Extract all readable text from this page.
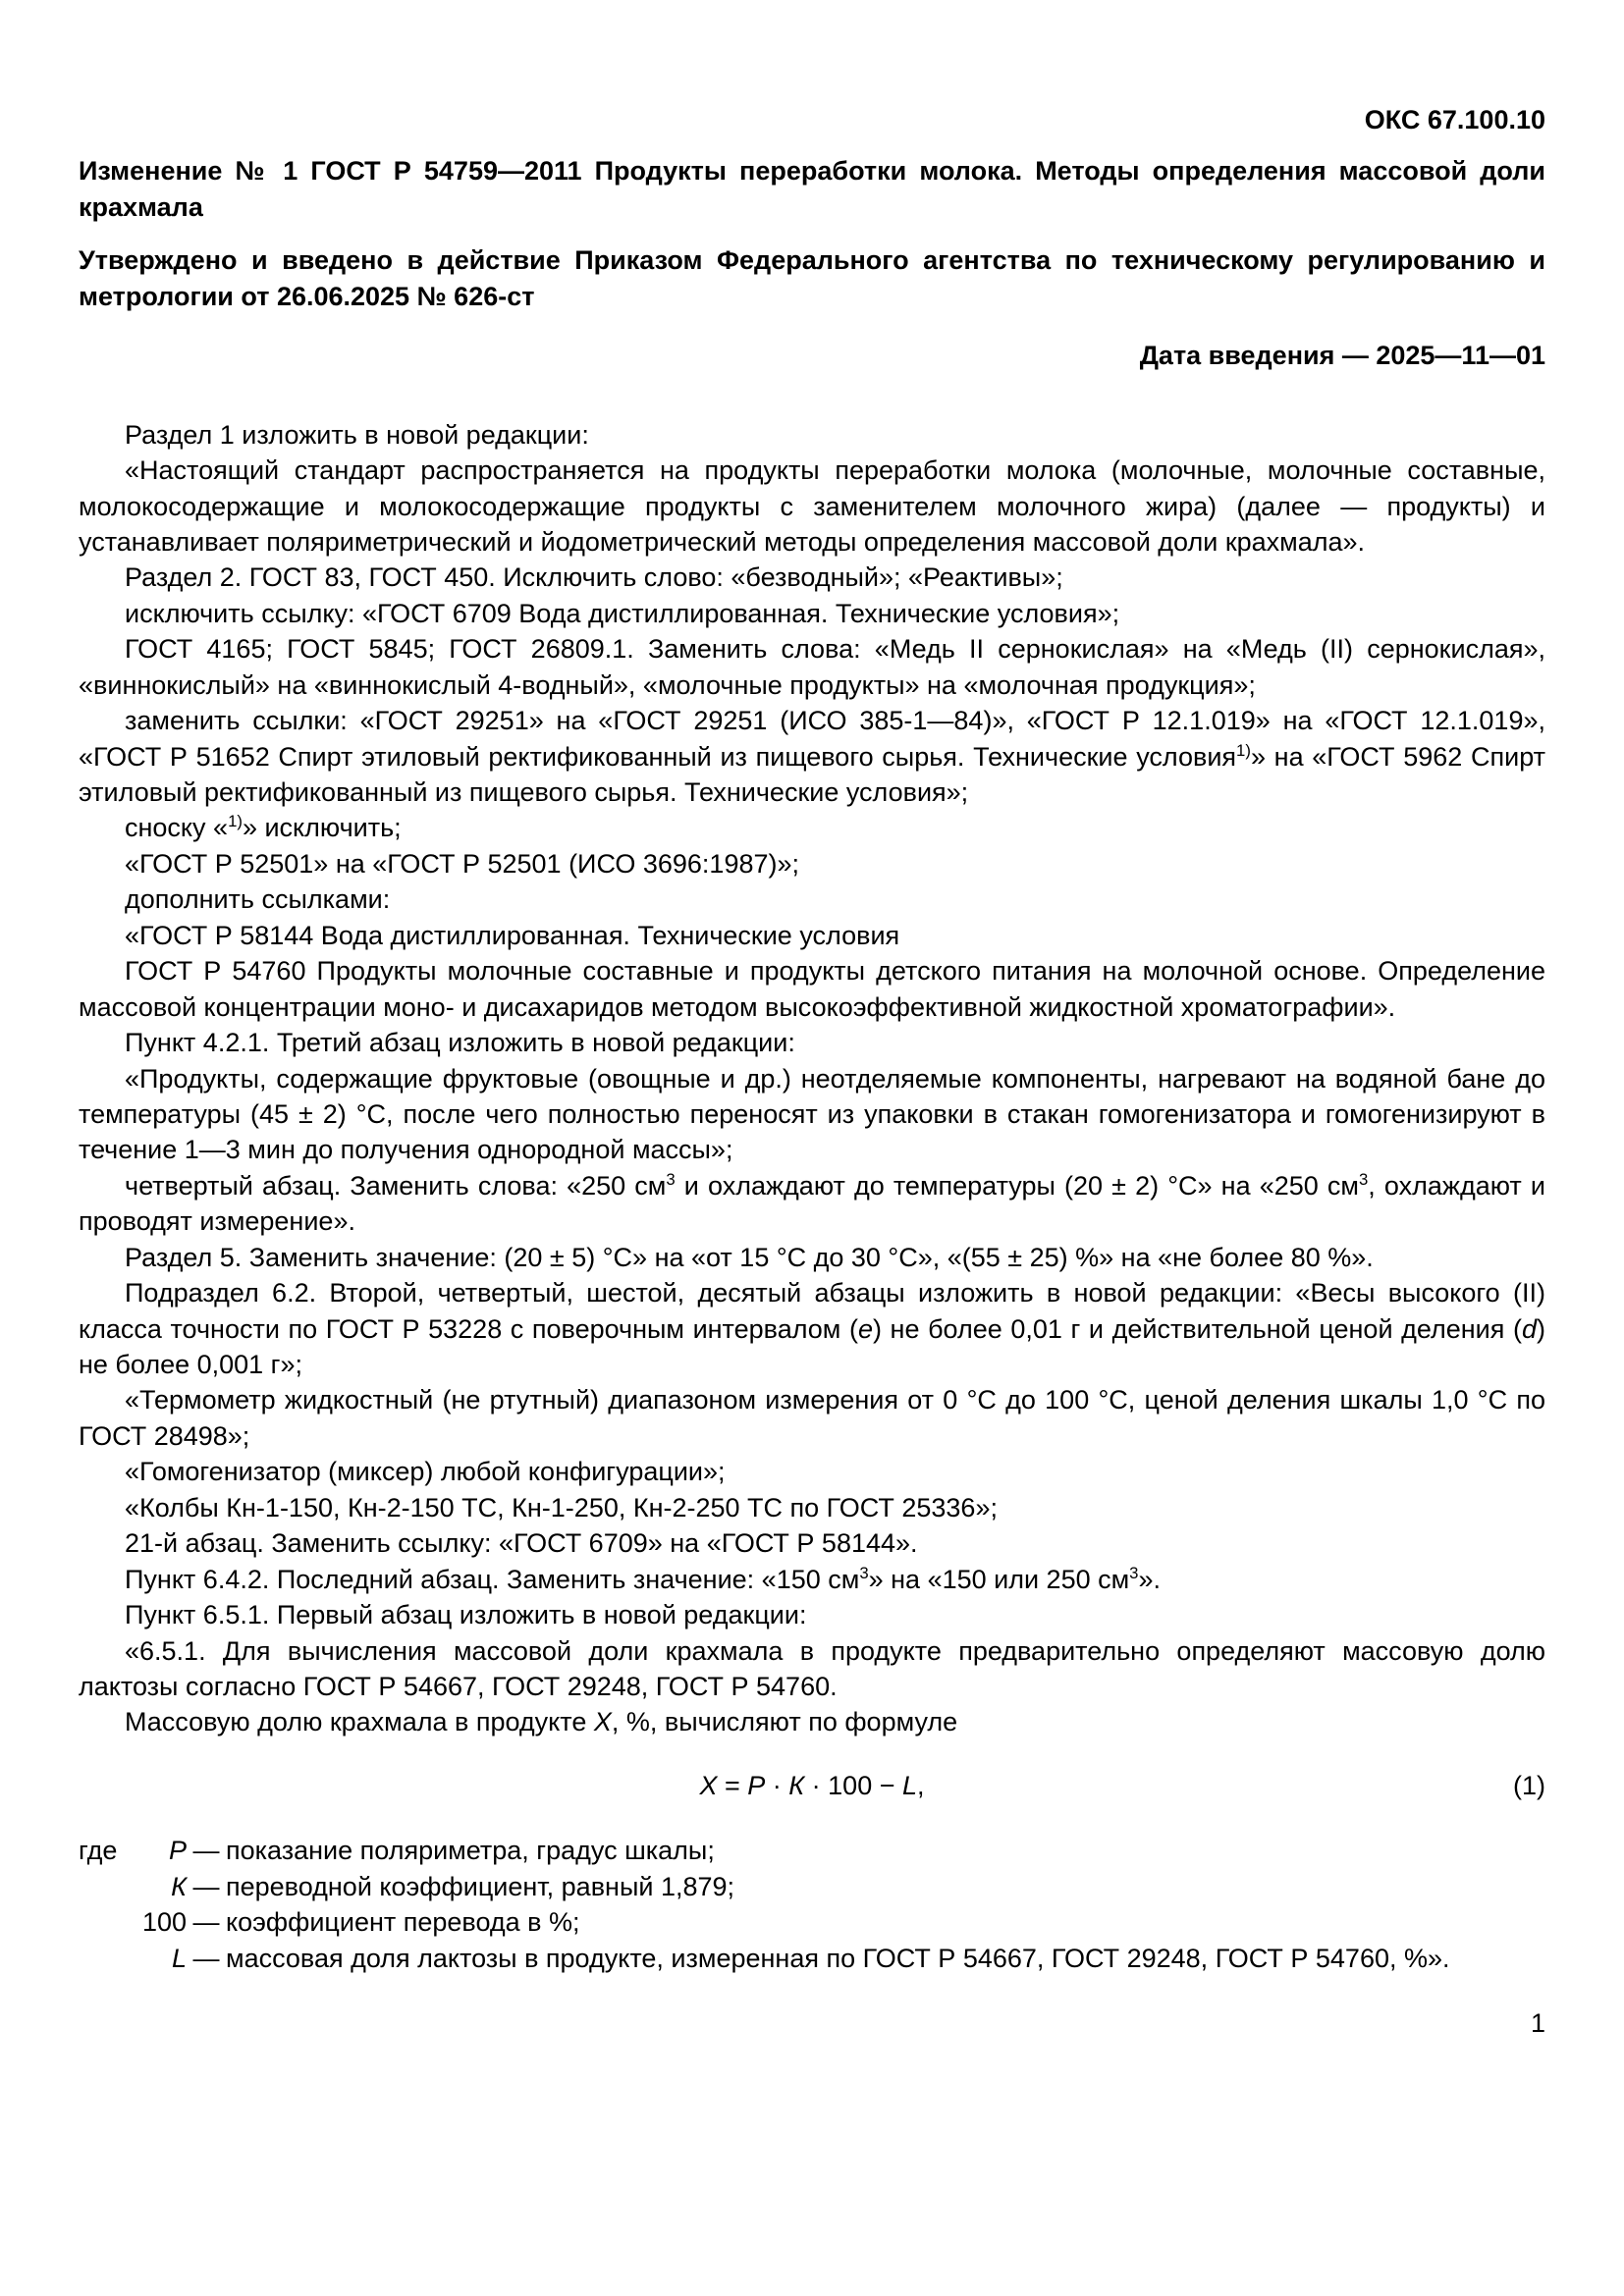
ОКС 67.100.10

Изменение № 1 ГОСТ Р 54759—2011 Продукты переработки молока. Методы определения массовой доли крахмала

Утверждено и введено в действие Приказом Федерального агентства по техническому регулированию и метрологии от 26.06.2025 № 626-ст

Дата введения — 2025—11—01

Раздел 1 изложить в новой редакции:

«Настоящий стандарт распространяется на продукты переработки молока (молочные, молочные составные, молокосодержащие и молокосодержащие продукты с заменителем молочного жира) (далее — продукты) и устанавливает поляриметрический и йодометрический методы определения массовой доли крахмала».

Раздел 2. ГОСТ 83, ГОСТ 450. Исключить слово: «безводный»; «Реактивы»;

исключить ссылку: «ГОСТ 6709 Вода дистиллированная. Технические условия»;

ГОСТ 4165; ГОСТ 5845; ГОСТ 26809.1. Заменить слова: «Медь II сернокислая» на «Медь (II) сернокислая», «виннокислый» на «виннокислый 4-водный», «молочные продукты» на «молочная продукция»;

заменить ссылки: «ГОСТ 29251» на «ГОСТ 29251 (ИСО 385-1—84)», «ГОСТ Р 12.1.019» на «ГОСТ 12.1.019», «ГОСТ Р 51652 Спирт этиловый ректификованный из пищевого сырья. Технические условия$^{1)}$» на «ГОСТ 5962 Спирт этиловый ректификованный из пищевого сырья. Технические условия»;

сноску «$^{1)}$» исключить;

«ГОСТ Р 52501» на «ГОСТ Р 52501 (ИСО 3696:1987)»;

дополнить ссылками:

«ГОСТ Р 58144 Вода дистиллированная. Технические условия

ГОСТ Р 54760 Продукты молочные составные и продукты детского питания на молочной основе. Определение массовой концентрации моно- и дисахаридов методом высокоэффективной жидкостной хроматографии».

Пункт 4.2.1. Третий абзац изложить в новой редакции:

«Продукты, содержащие фруктовые (овощные и др.) неотделяемые компоненты, нагревают на водяной бане до температуры (45 ± 2) °С, после чего полностью переносят из упаковки в стакан гомогенизатора и гомогенизируют в течение 1—3 мин до получения однородной массы»;

четвертый абзац. Заменить слова: «250 $см^3$ и охлаждают до температуры (20 ± 2) °С» на «250 $см^3$, охлаждают и проводят измерение».

Раздел 5. Заменить значение: (20 ± 5) °С» на «от 15 °С до 30 °С», «(55 ± 25) %» на «не более 80 %».

Подраздел 6.2. Второй, четвертый, шестой, десятый абзацы изложить в новой редакции: «Весы высокого (II) класса точности по ГОСТ Р 53228 с поверочным интервалом (е) не более 0,01 г и действительной ценой деления (d) не более 0,001 г»;

«Термометр жидкостный (не ртутный) диапазоном измерения от 0 °С до 100 °С, ценой деления шкалы 1,0 °С по ГОСТ 28498»;

«Гомогенизатор (миксер) любой конфигурации»;

«Колбы Кн-1-150, Кн-2-150 ТС, Кн-1-250, Кн-2-250 ТС по ГОСТ 25336»;

21-й абзац. Заменить ссылку: «ГОСТ 6709» на «ГОСТ Р 58144».

Пункт 6.4.2. Последний абзац. Заменить значение: «150 $см^3$» на «150 или 250 $см^3$».

Пункт 6.5.1. Первый абзац изложить в новой редакции:

«6.5.1. Для вычисления массовой доли крахмала в продукте предварительно определяют массовую долю лактозы согласно ГОСТ Р 54667, ГОСТ 29248, ГОСТ Р 54760.

Массовую долю крахмала в продукте X, %, вычисляют по формуле

X = P · К · 100 − L,	(1)
где	Р — показание поляриметра, градус шкалы;
К — переводной коэффициент, равный 1,879;
100 — коэффициент перевода в %;
L — массовая доля лактозы в продукте, измеренная по ГОСТ Р 54667, ГОСТ 29248, ГОСТ Р 54760, %».

1
